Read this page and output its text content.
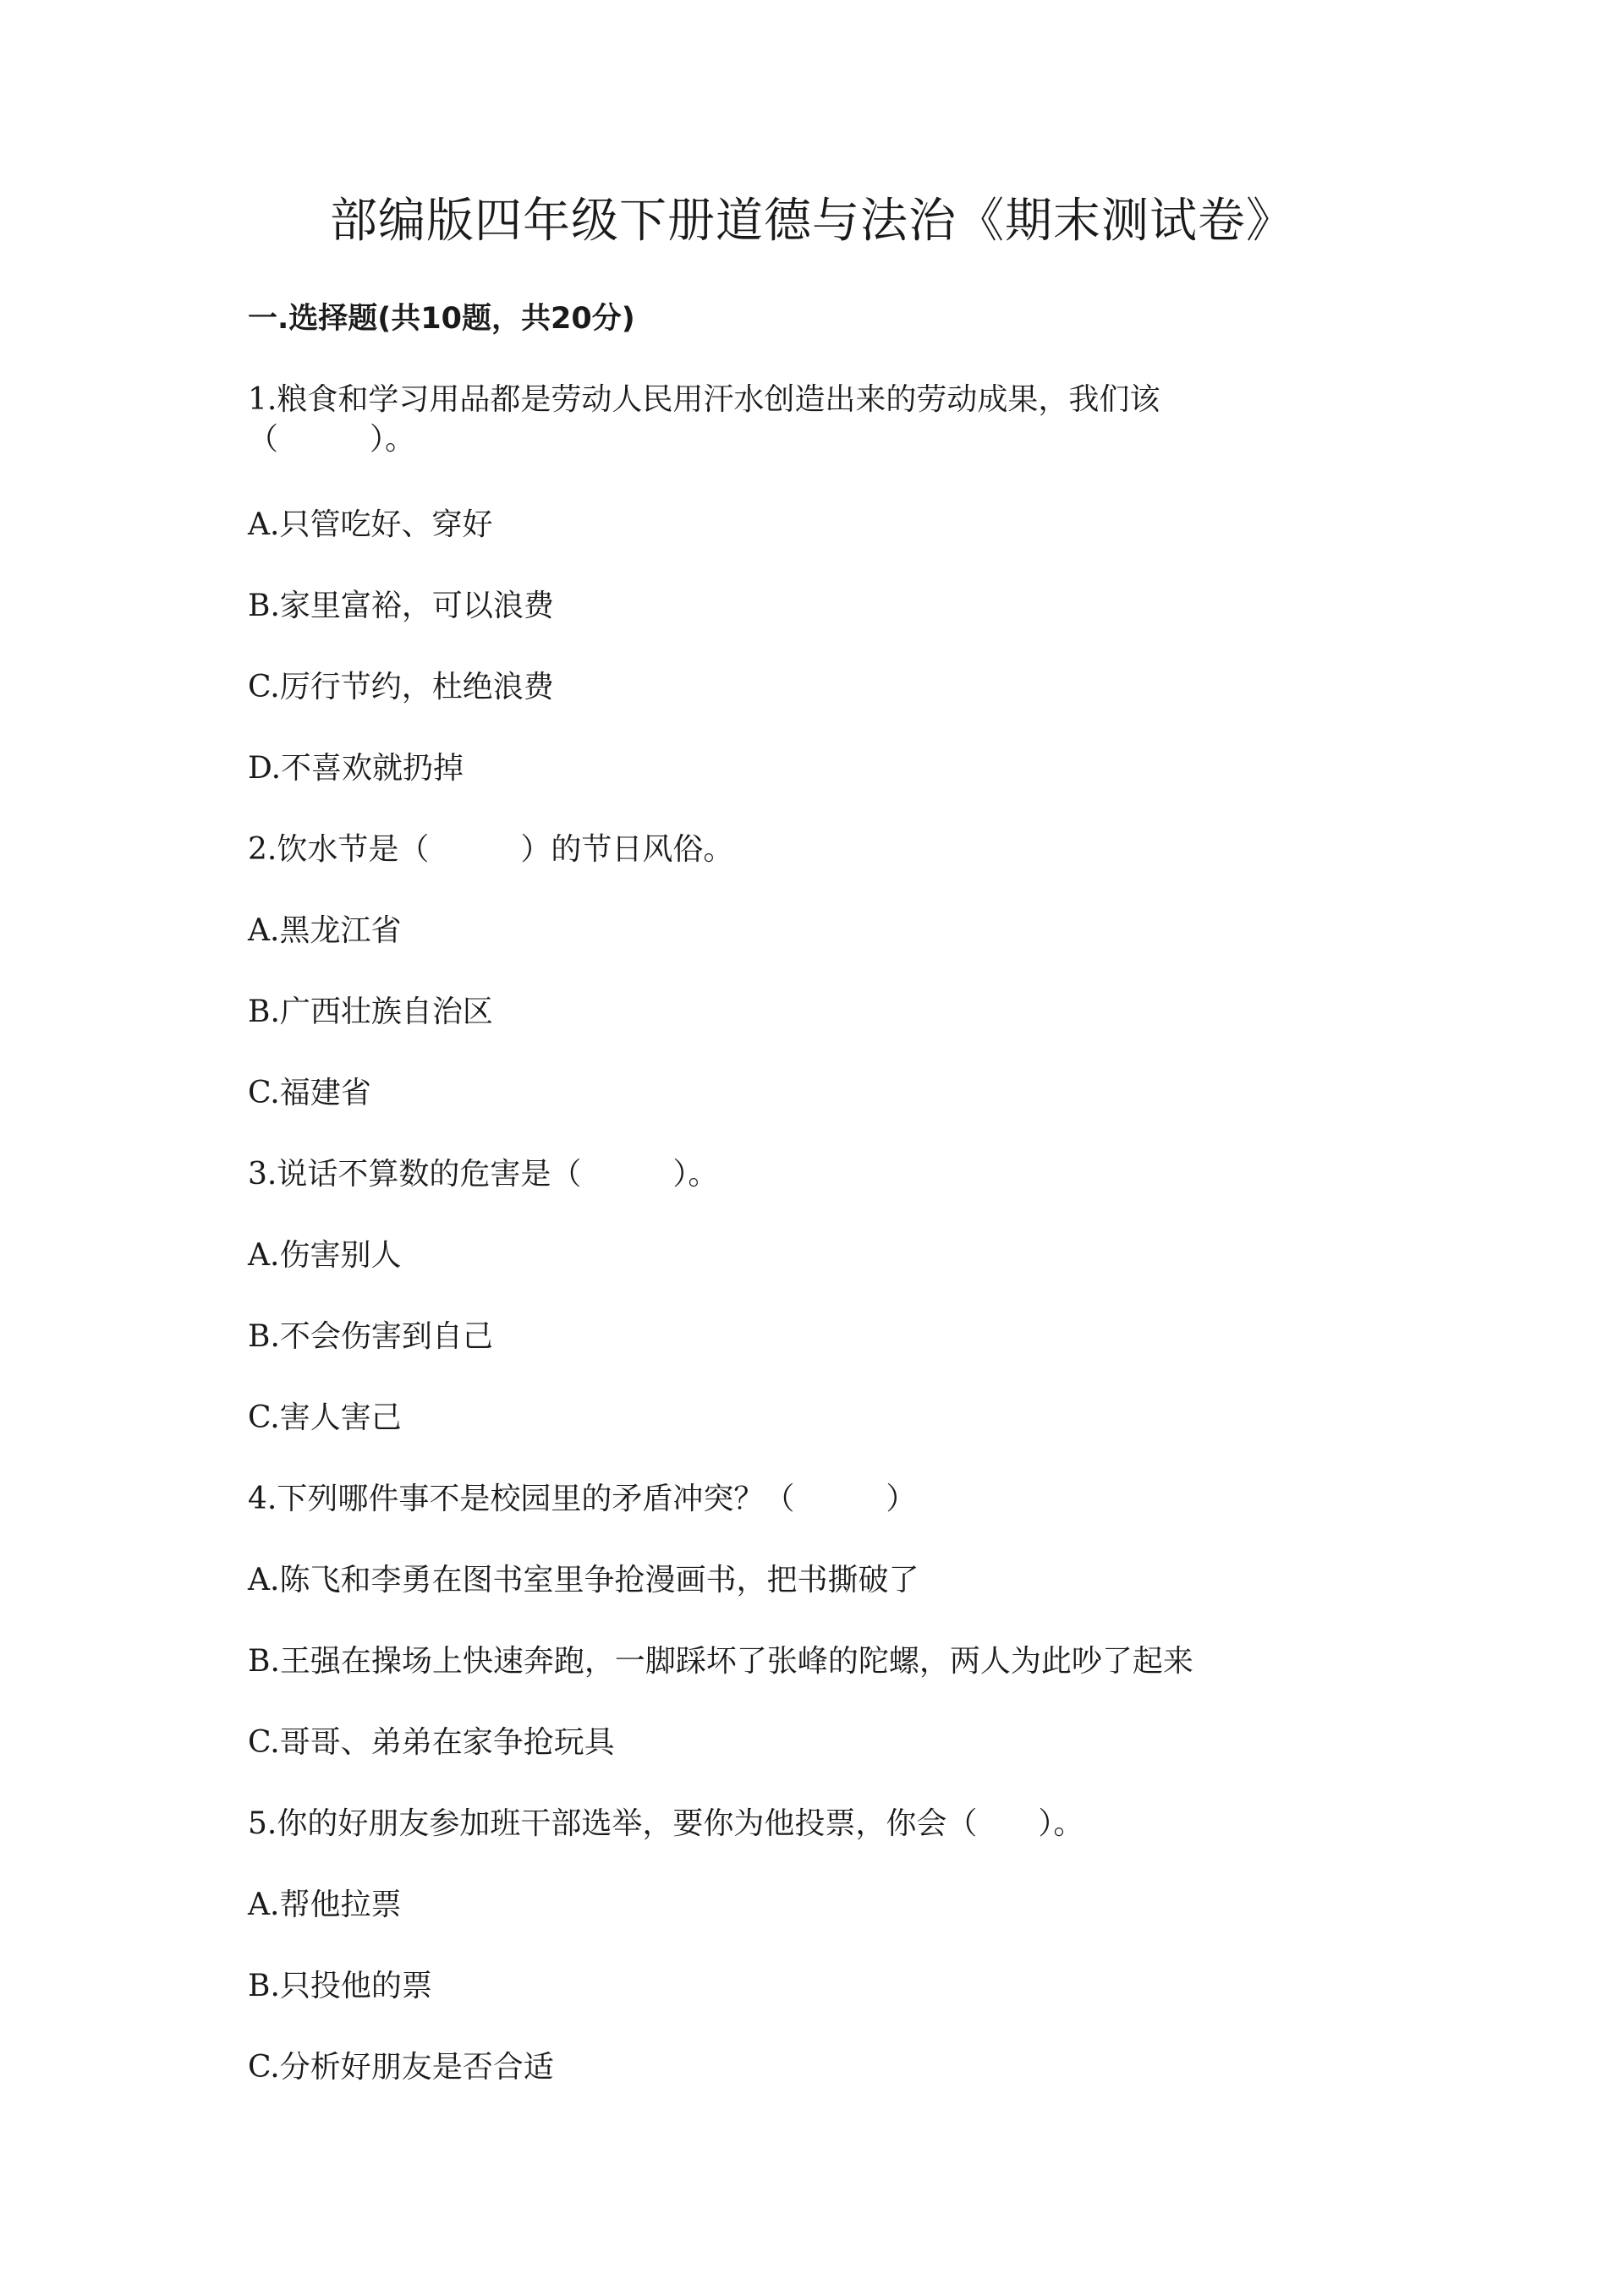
部编版四年级下册道德与法治《期末测试卷》
一.选择题(共10题，共20分)
1.粮食和学习用品都是劳动人民用汗水创造出来的劳动成果，我们该
（　　　）。
A.只管吃好、穿好
B.家里富裕，可以浪费
C.厉行节约，杜绝浪费
D.不喜欢就扔掉
2.饮水节是（　　　）的节日风俗。
A.黑龙江省
B.广西壮族自治区
C.福建省
3.说话不算数的危害是（　　　）。
A.伤害别人
B.不会伤害到自己
C.害人害己
4.下列哪件事不是校园里的矛盾冲突？（　　　）
A.陈飞和李勇在图书室里争抢漫画书，把书撕破了
B.王强在操场上快速奔跑，一脚踩坏了张峰的陀螺，两人为此吵了起来
C.哥哥、弟弟在家争抢玩具
5.你的好朋友参加班干部选举，要你为他投票，你会（　　）。
A.帮他拉票
B.只投他的票
C.分析好朋友是否合适
